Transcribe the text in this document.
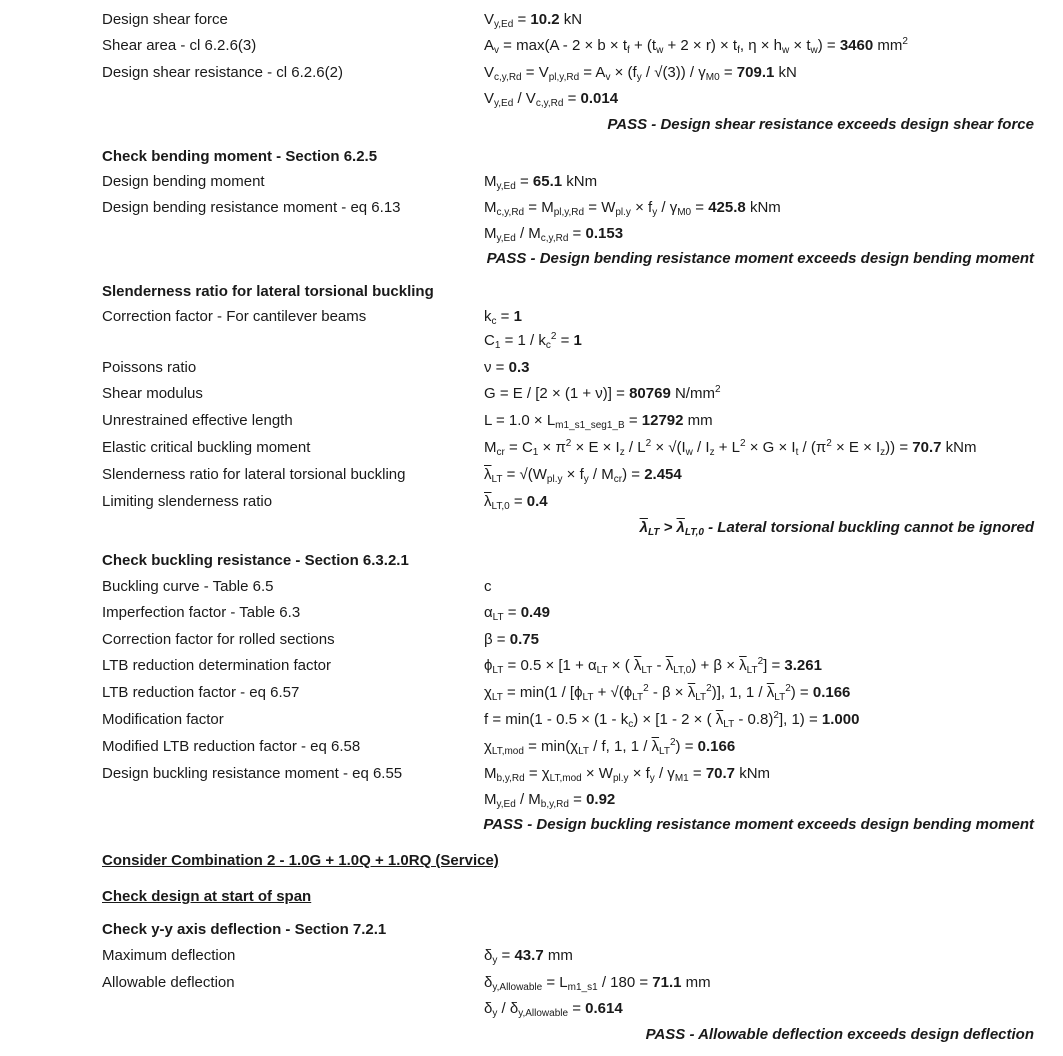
Design shear force	$V_{y,Ed} = 10.2$ kN
Shear area - cl 6.2.6(3)	$A_v = \max(A - 2 \times b \times t_f + (t_w + 2 \times r) \times t_f$, $\eta \times h_w \times t_w) = 3460$ $mm^2$
Design shear resistance - cl 6.2.6(2)	$V_{c,y,Rd} = V_{pl,y,Rd} = A_v \times (f_y / √(3)) / \gamma_{M0} = 709.1$ kN
$V_{y,Ed} / V_{c,y,Rd} = 0.014$
PASS - Design shear resistance exceeds design shear force
Check bending moment - Section 6.2.5
Design bending moment	$M_{y,Ed} = 65.1$ kNm
Design bending resistance moment - eq 6.13	$M_{c,y,Rd} = M_{pl,y,Rd} = W_{pl.y} \times f_y / \gamma_{M0} = 425.8$ kNm
$M_{y,Ed} / M_{c,y,Rd} = 0.153$
PASS - Design bending resistance moment exceeds design bending moment
Slenderness ratio for lateral torsional buckling
Correction factor - For cantilever beams	$k_c = 1$
$C_1 = 1 / k_c^2 = 1$
Poissons ratio	ν = 0.3
Shear modulus	G = E / [2 × (1 + ν)] = 80769 $N/mm^2$
Unrestrained effective length	$L = 1.0 \times L_{m1\_s1\_seg1\_B} = 12792$ mm
Elastic critical buckling moment	$M_{cr} = C_1 \times \pi^2 \times E \times I_z / L^2 \times √(I_w / I_z + L^2 \times G \times I_t / (\pi^2 \times E \times I_z)) = 70.7$ kNm
Slenderness ratio for lateral torsional buckling	$\overline{\lambda}_{LT} = √(W_{pl.y} \times f_y / M_{cr}) = 2.454$
Limiting slenderness ratio	$\overline{\lambda}_{LT,0} = 0.4$
$\overline{\lambda}_{LT} > \overline{\lambda}_{LT,0}$ - Lateral torsional buckling cannot be ignored
Check buckling resistance - Section 6.3.2.1
Buckling curve - Table 6.5	c
Imperfection factor - Table 6.3	$\alpha_{LT} = 0.49$
Correction factor for rolled sections	β = 0.75
LTB reduction determination factor	$\phi_{LT} = 0.5 \times [1 + \alpha_{LT}$ × ( $\overline{\lambda}_{LT} - \overline{\lambda}_{LT,0}) + \beta \times \overline{\lambda}_{LT}^2] = 3.261$
LTB reduction factor - eq 6.57	$\chi_{LT} = \min(1 / [\phi_{LT} + √(\phi_{LT}^2 - \beta \times \overline{\lambda}_{LT}^2)]$, 1, $1 / \overline{\lambda}_{LT}^2) = 0.166$
Modification factor	$f = \min(1 - 0.5 \times (1 - k_c) \times [1 - 2$ × ( $\overline{\lambda}_{LT} - 0.8)^2$], 1) = 1.000
Modified LTB reduction factor - eq 6.58	$\chi_{LT,mod} = \min(\chi_{LT} / f$, 1, $1 / \overline{\lambda}_{LT}^2) = 0.166$
Design buckling resistance moment - eq 6.55	$M_{b,y,Rd} = \chi_{LT,mod} \times W_{pl.y} \times f_y / \gamma_{M1} = 70.7$ kNm
$M_{y,Ed} / M_{b,y,Rd} = 0.92$
PASS - Design buckling resistance moment exceeds design bending moment
Consider Combination 2 - 1.0G + 1.0Q + 1.0RQ (Service)
Check design at start of span
Check y-y axis deflection - Section 7.2.1
Maximum deflection	$\delta_y = 43.7$ mm
Allowable deflection	$\delta_{y,Allowable} = L_{m1\_s1} / 180 = 71.1$ mm
$\delta_y / \delta_{y,Allowable} = 0.614$
PASS - Allowable deflection exceeds design deflection
